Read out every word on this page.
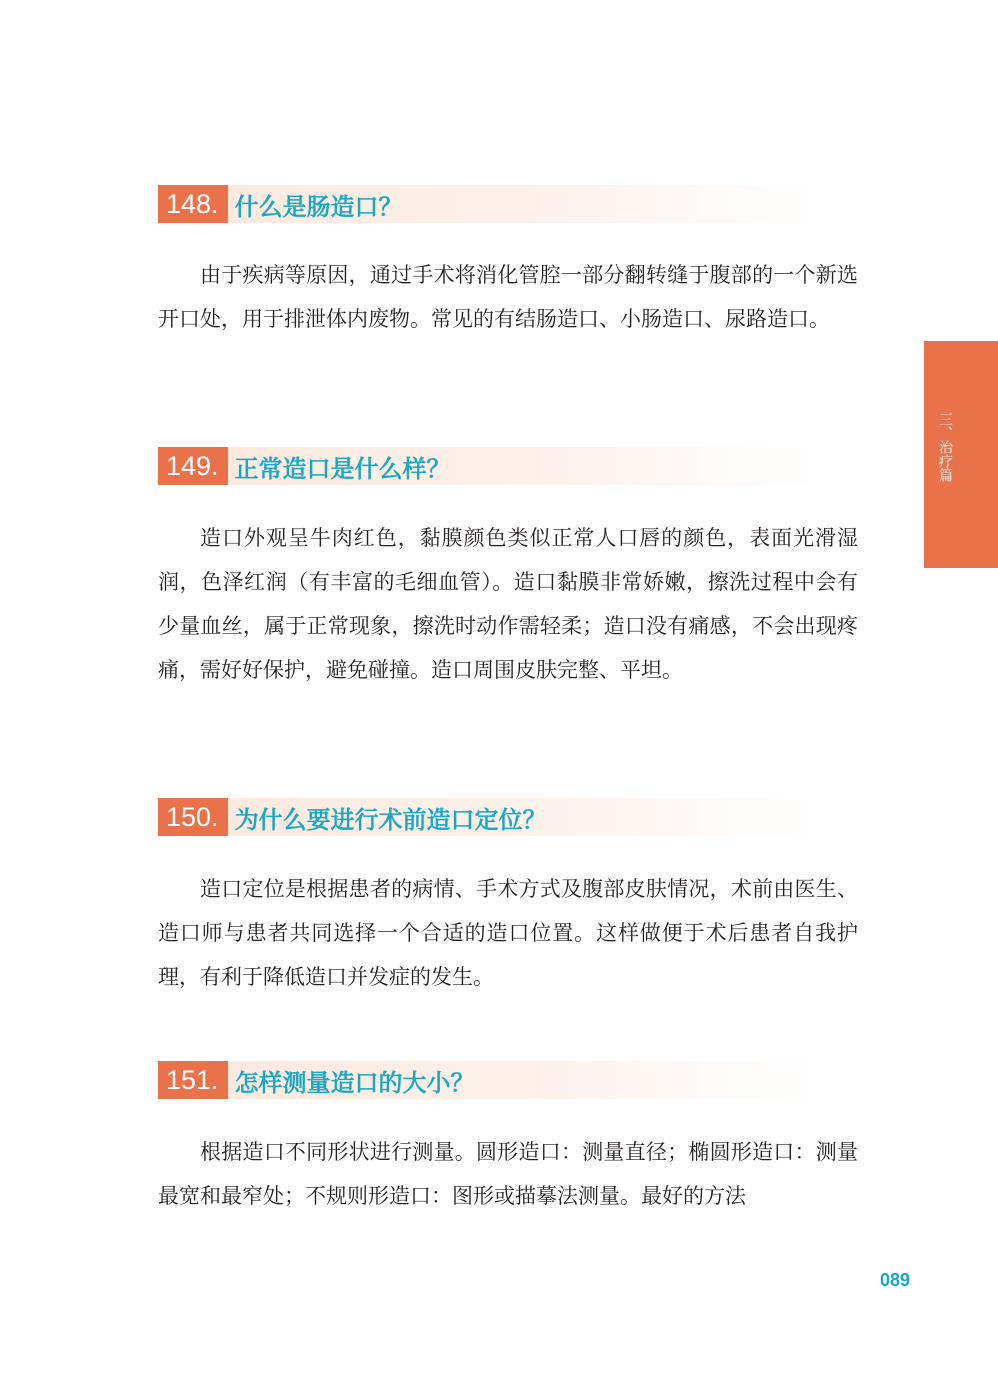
148. 什么是肠造口？

由于疾病等原因，通过手术将消化管腔一部分翻转缝于腹部的一个新选开口处，用于排泄体内废物。常见的有结肠造口、小肠造口、尿路造口。

149. 正常造口是什么样？

造口外观呈牛肉红色，黏膜颜色类似正常人口唇的颜色，表面光滑湿润，色泽红润（有丰富的毛细血管）。造口黏膜非常娇嫩，擦洗过程中会有少量血丝，属于正常现象，擦洗时动作需轻柔；造口没有痛感，不会出现疼痛，需好好保护，避免碰撞。造口周围皮肤完整、平坦。

150. 为什么要进行术前造口定位？

造口定位是根据患者的病情、手术方式及腹部皮肤情况，术前由医生、造口师与患者共同选择一个合适的造口位置。这样做便于术后患者自我护理，有利于降低造口并发症的发生。

151. 怎样测量造口的大小？

根据造口不同形状进行测量。圆形造口：测量直径；椭圆形造口：测量最宽和最窄处；不规则形造口：图形或描摹法测量。最好的方法

三、治疗篇
089
